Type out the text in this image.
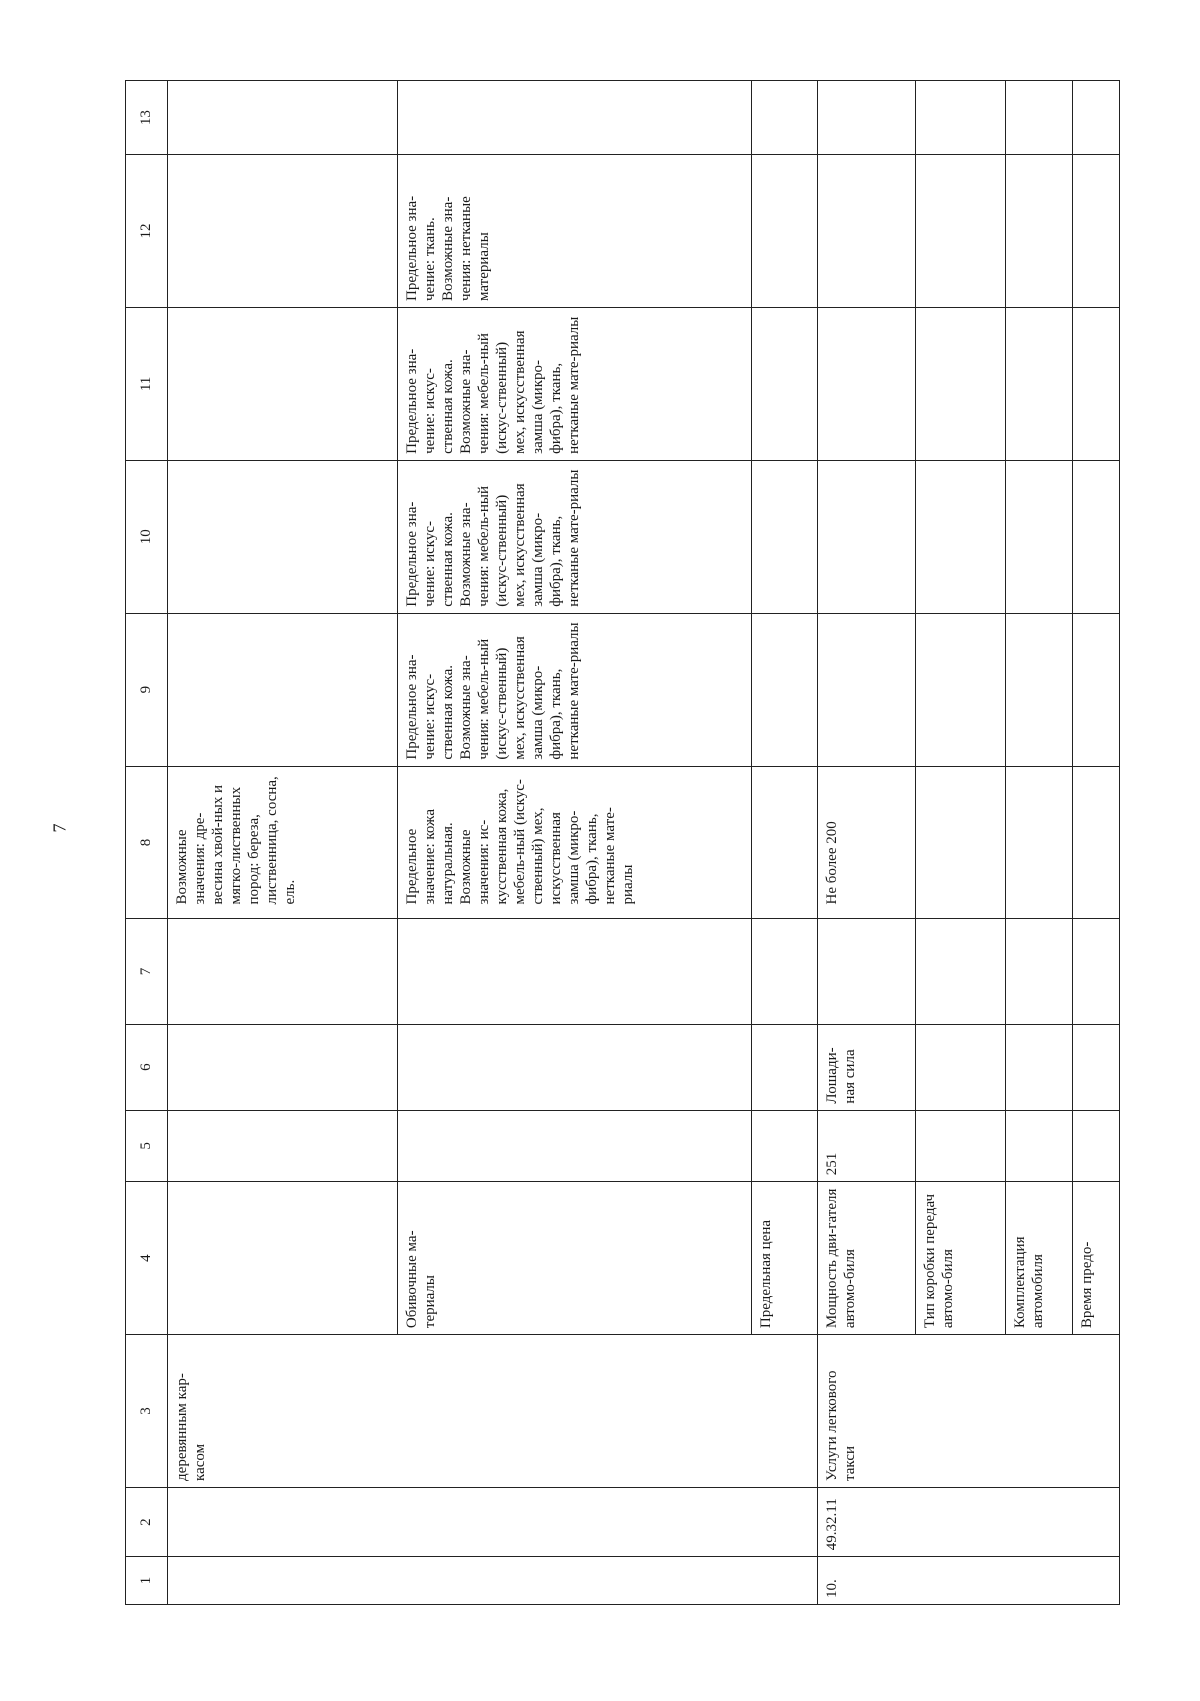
7
1	2	3	4	5	6	7	8	9	10	11	12	13
		деревянным кар-касом					Возможные значения: дре-весина хвой-ных и мягко-лиственных пород: береза, лиственница, сосна, ель.					
			Обивочные ма-териалы				Предельное значение: кожа натуральная. Возможные значения: ис-кусственная кожа, мебель-ный (искус-ственный) мех, искусственная замша (микро-фибра), ткань, нетканые мате-риалы	Предельное зна-чение: искус-ственная кожа. Возможные зна-чения: мебель-ный (искус-ственный) мех, искусственная замша (микро-фибра), ткань, нетканые мате-риалы	Предельное зна-чение: искус-ственная кожа. Возможные зна-чения: мебель-ный (искус-ственный) мех, искусственная замша (микро-фибра), ткань, нетканые мате-риалы	Предельное зна-чение: искус-ственная кожа. Возможные зна-чения: мебель-ный (искус-ственный) мех, искусственная замша (микро-фибра), ткань, нетканые мате-риалы	Предельное зна-чение: ткань. Возможные зна-чения: нетканые материалы	
			Предельная цена									
10.	49.32.11	Услуги легкового такси	Мощность дви-гателя автомо-биля	251	Лошади-ная сила		Не более 200					
			Тип коробки передач автомо-биля									
			Комплектация автомобиля									
			Время предо-									
